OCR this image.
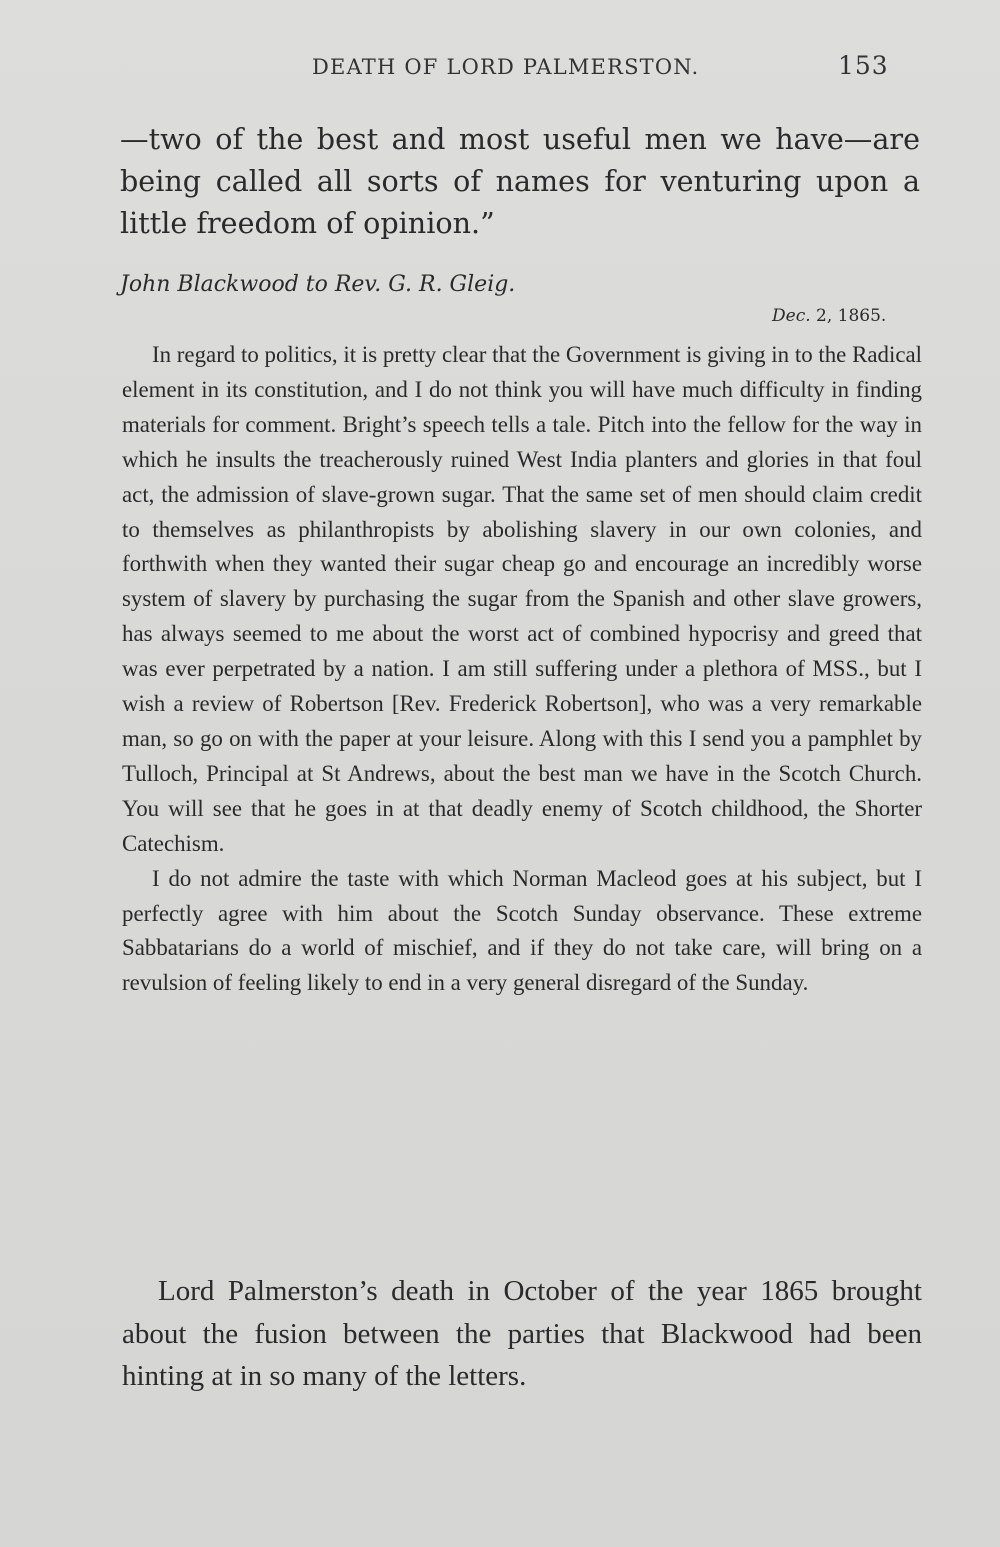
DEATH OF LORD PALMERSTON.	153
—two of the best and most useful men we have—are being called all sorts of names for venturing upon a little freedom of opinion.”
John Blackwood to Rev. G. R. Gleig.
Dec. 2, 1865.

In regard to politics, it is pretty clear that the Government is giving in to the Radical element in its constitution, and I do not think you will have much difficulty in finding materials for comment. Bright’s speech tells a tale. Pitch into the fellow for the way in which he insults the treacherously ruined West India planters and glories in that foul act, the admission of slave-grown sugar. That the same set of men should claim credit to themselves as philanthropists by abolishing slavery in our own colonies, and forthwith when they wanted their sugar cheap go and encourage an incredibly worse system of slavery by purchasing the sugar from the Spanish and other slave growers, has always seemed to me about the worst act of combined hypocrisy and greed that was ever perpetrated by a nation. I am still suffering under a plethora of MSS., but I wish a review of Robertson [Rev. Frederick Robertson], who was a very remarkable man, so go on with the paper at your leisure. Along with this I send you a pamphlet by Tulloch, Principal at St Andrews, about the best man we have in the Scotch Church. You will see that he goes in at that deadly enemy of Scotch childhood, the Shorter Catechism.

I do not admire the taste with which Norman Macleod goes at his subject, but I perfectly agree with him about the Scotch Sunday observance. These extreme Sabbatarians do a world of mischief, and if they do not take care, will bring on a revulsion of feeling likely to end in a very general disregard of the Sunday.

Lord Palmerston’s death in October of the year 1865 brought about the fusion between the parties that Blackwood had been hinting at in so many of the letters.
